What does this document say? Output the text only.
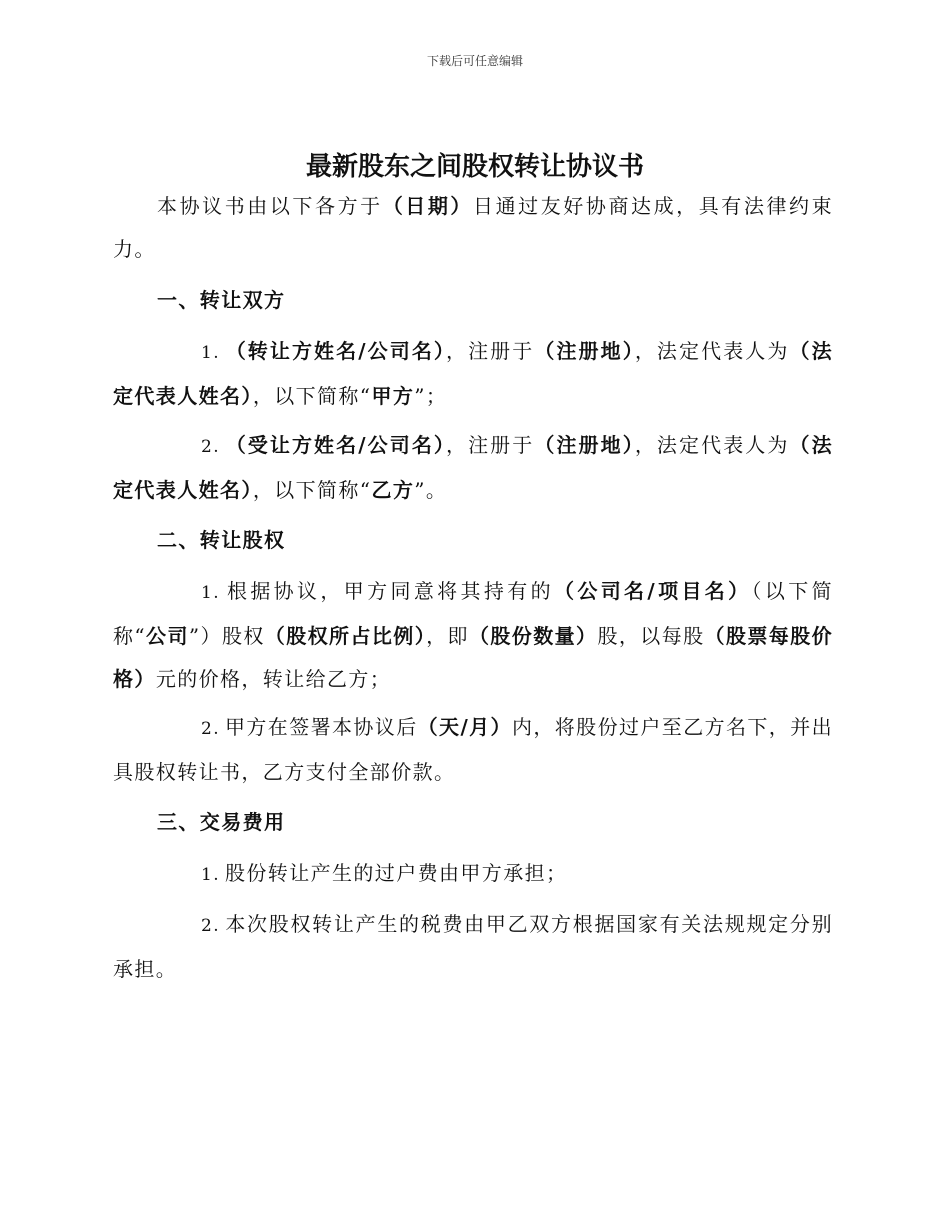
下载后可任意编辑
最新股东之间股权转让协议书

本协议书由以下各方于（日期）日通过友好协商达成，具有法律约束力。

一、转让双方

1. （转让方姓名/公司名），注册于（注册地），法定代表人为（法定代表人姓名），以下简称“甲方”；

2. （受让方姓名/公司名），注册于（注册地），法定代表人为（法定代表人姓名），以下简称“乙方”。

二、转让股权

1. 根据协议，甲方同意将其持有的（公司名/项目名）（以下简称“公司”）股权（股权所占比例），即（股份数量）股，以每股（股票每股价格）元的价格，转让给乙方；

2. 甲方在签署本协议后（天/月）内，将股份过户至乙方名下，并出具股权转让书，乙方支付全部价款。

三、交易费用

1. 股份转让产生的过户费由甲方承担；

2. 本次股权转让产生的税费由甲乙双方根据国家有关法规规定分别承担。
